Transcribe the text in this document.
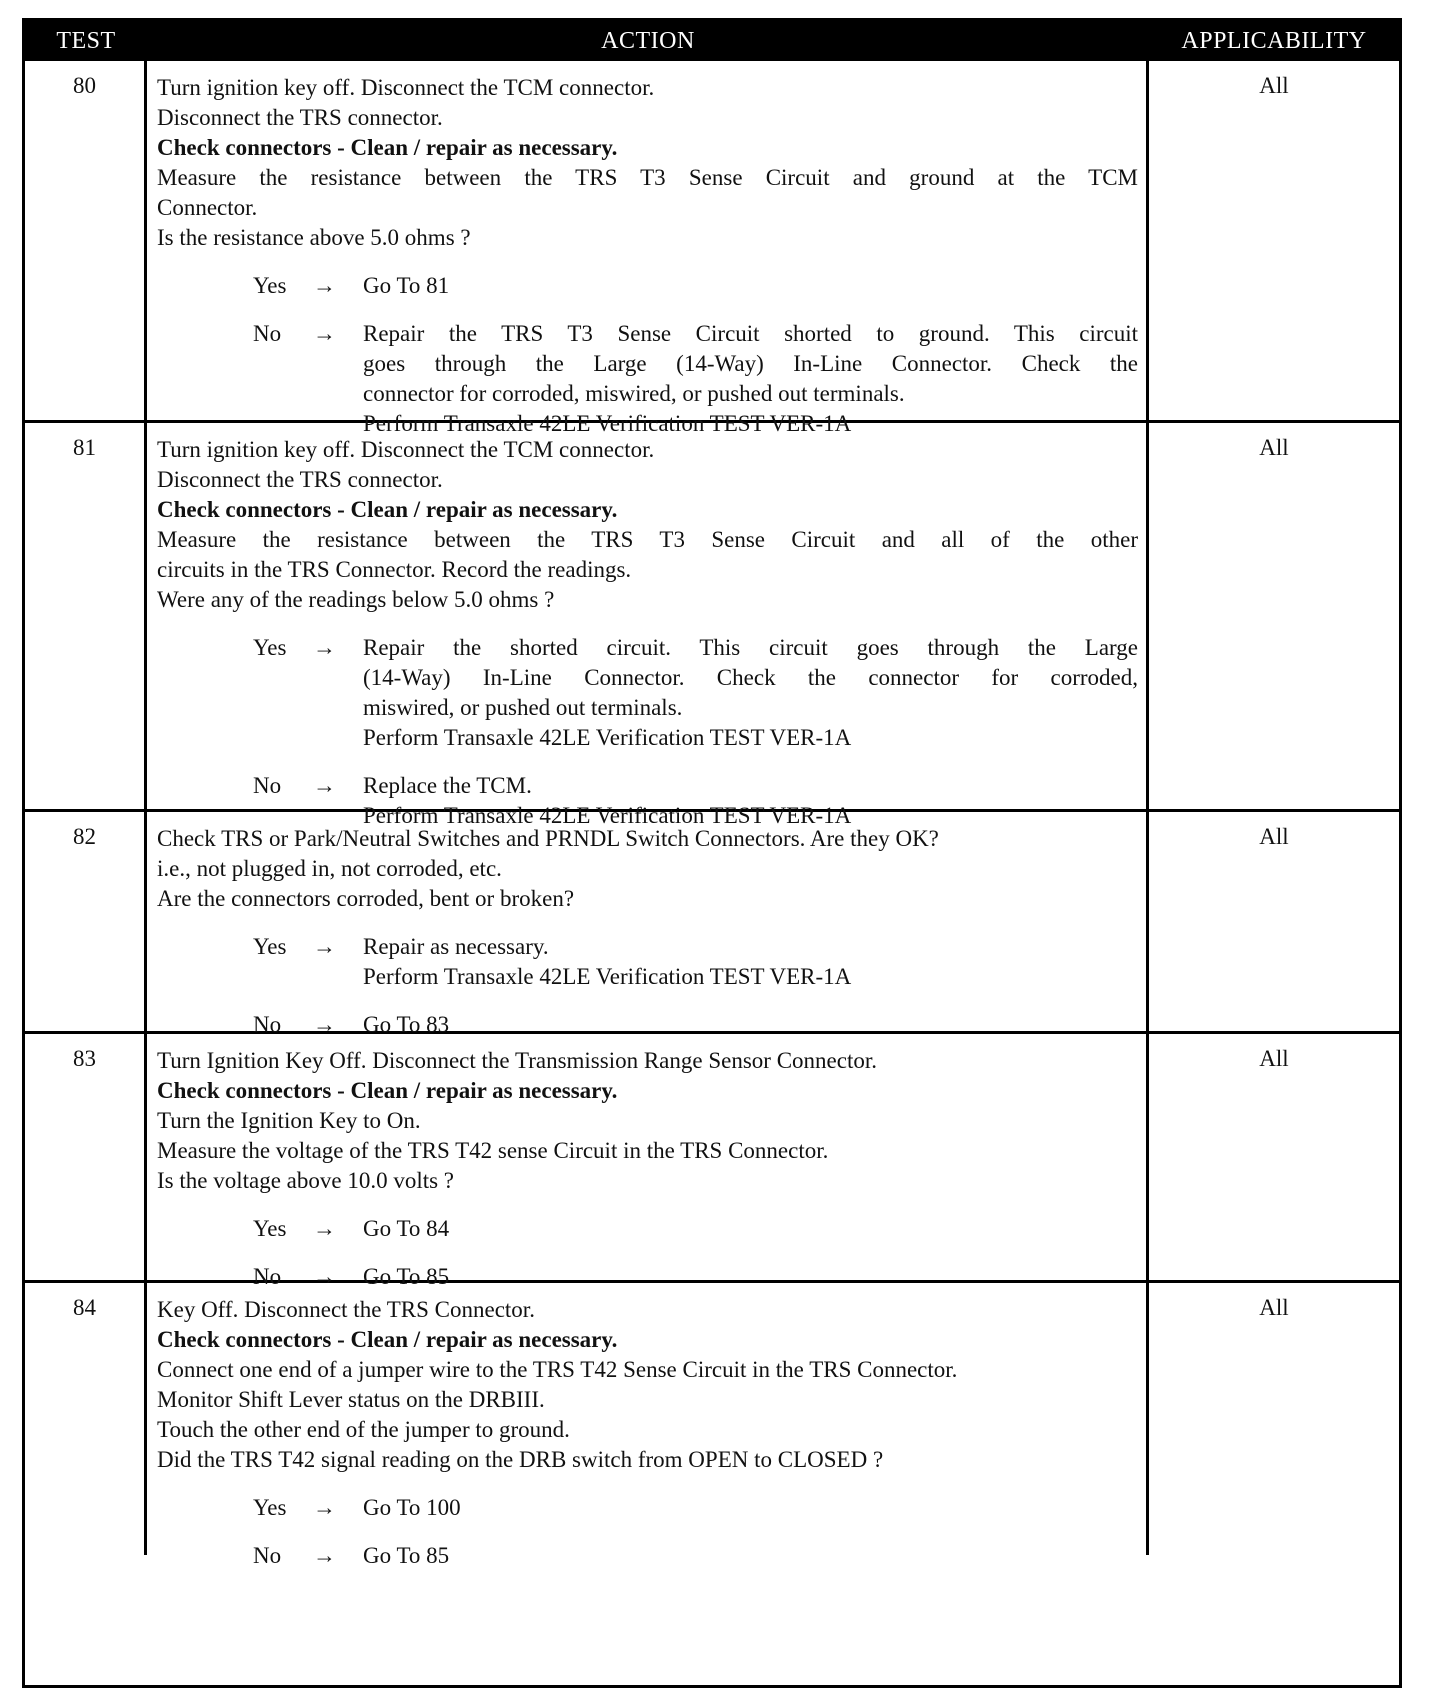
TEST	ACTION	APPLICABILITY
80	Turn ignition key off. Disconnect the TCM connector.
Disconnect the TRS connector.
Check connectors - Clean / repair as necessary.
Measure the resistance between the TRS T3 Sense Circuit and ground at the TCM
Connector.
Is the resistance above 5.0 ohms ?
Yes	→	Go To 81
No	→	Repair the TRS T3 Sense Circuit shorted to ground. This circuit
goes through the Large (14-Way) In-Line Connector. Check the
connector for corroded, miswired, or pushed out terminals.
Perform Transaxle 42LE Verification TEST VER-1A
All
81	Turn ignition key off. Disconnect the TCM connector.
Disconnect the TRS connector.
Check connectors - Clean / repair as necessary.
Measure the resistance between the TRS T3 Sense Circuit and all of the other
circuits in the TRS Connector. Record the readings.
Were any of the readings below 5.0 ohms ?
Yes	→	Repair the shorted circuit. This circuit goes through the Large
(14-Way) In-Line Connector. Check the connector for corroded,
miswired, or pushed out terminals.
Perform Transaxle 42LE Verification TEST VER-1A
No	→	Replace the TCM.
Perform Transaxle 42LE Verification TEST VER-1A
All
82	Check TRS or Park/Neutral Switches and PRNDL Switch Connectors. Are they OK?
i.e., not plugged in, not corroded, etc.
Are the connectors corroded, bent or broken?
Yes	→	Repair as necessary.
Perform Transaxle 42LE Verification TEST VER-1A
No	→	Go To 83
All
83	Turn Ignition Key Off. Disconnect the Transmission Range Sensor Connector.
Check connectors - Clean / repair as necessary.
Turn the Ignition Key to On.
Measure the voltage of the TRS T42 sense Circuit in the TRS Connector.
Is the voltage above 10.0 volts ?
Yes	→	Go To 84
No	→	Go To 85
All
84	Key Off. Disconnect the TRS Connector.
Check connectors - Clean / repair as necessary.
Connect one end of a jumper wire to the TRS T42 Sense Circuit in the TRS Connector.
Monitor Shift Lever status on the DRBIII.
Touch the other end of the jumper to ground.
Did the TRS T42 signal reading on the DRB switch from OPEN to CLOSED ?
Yes	→	Go To 100
No	→	Go To 85
All
